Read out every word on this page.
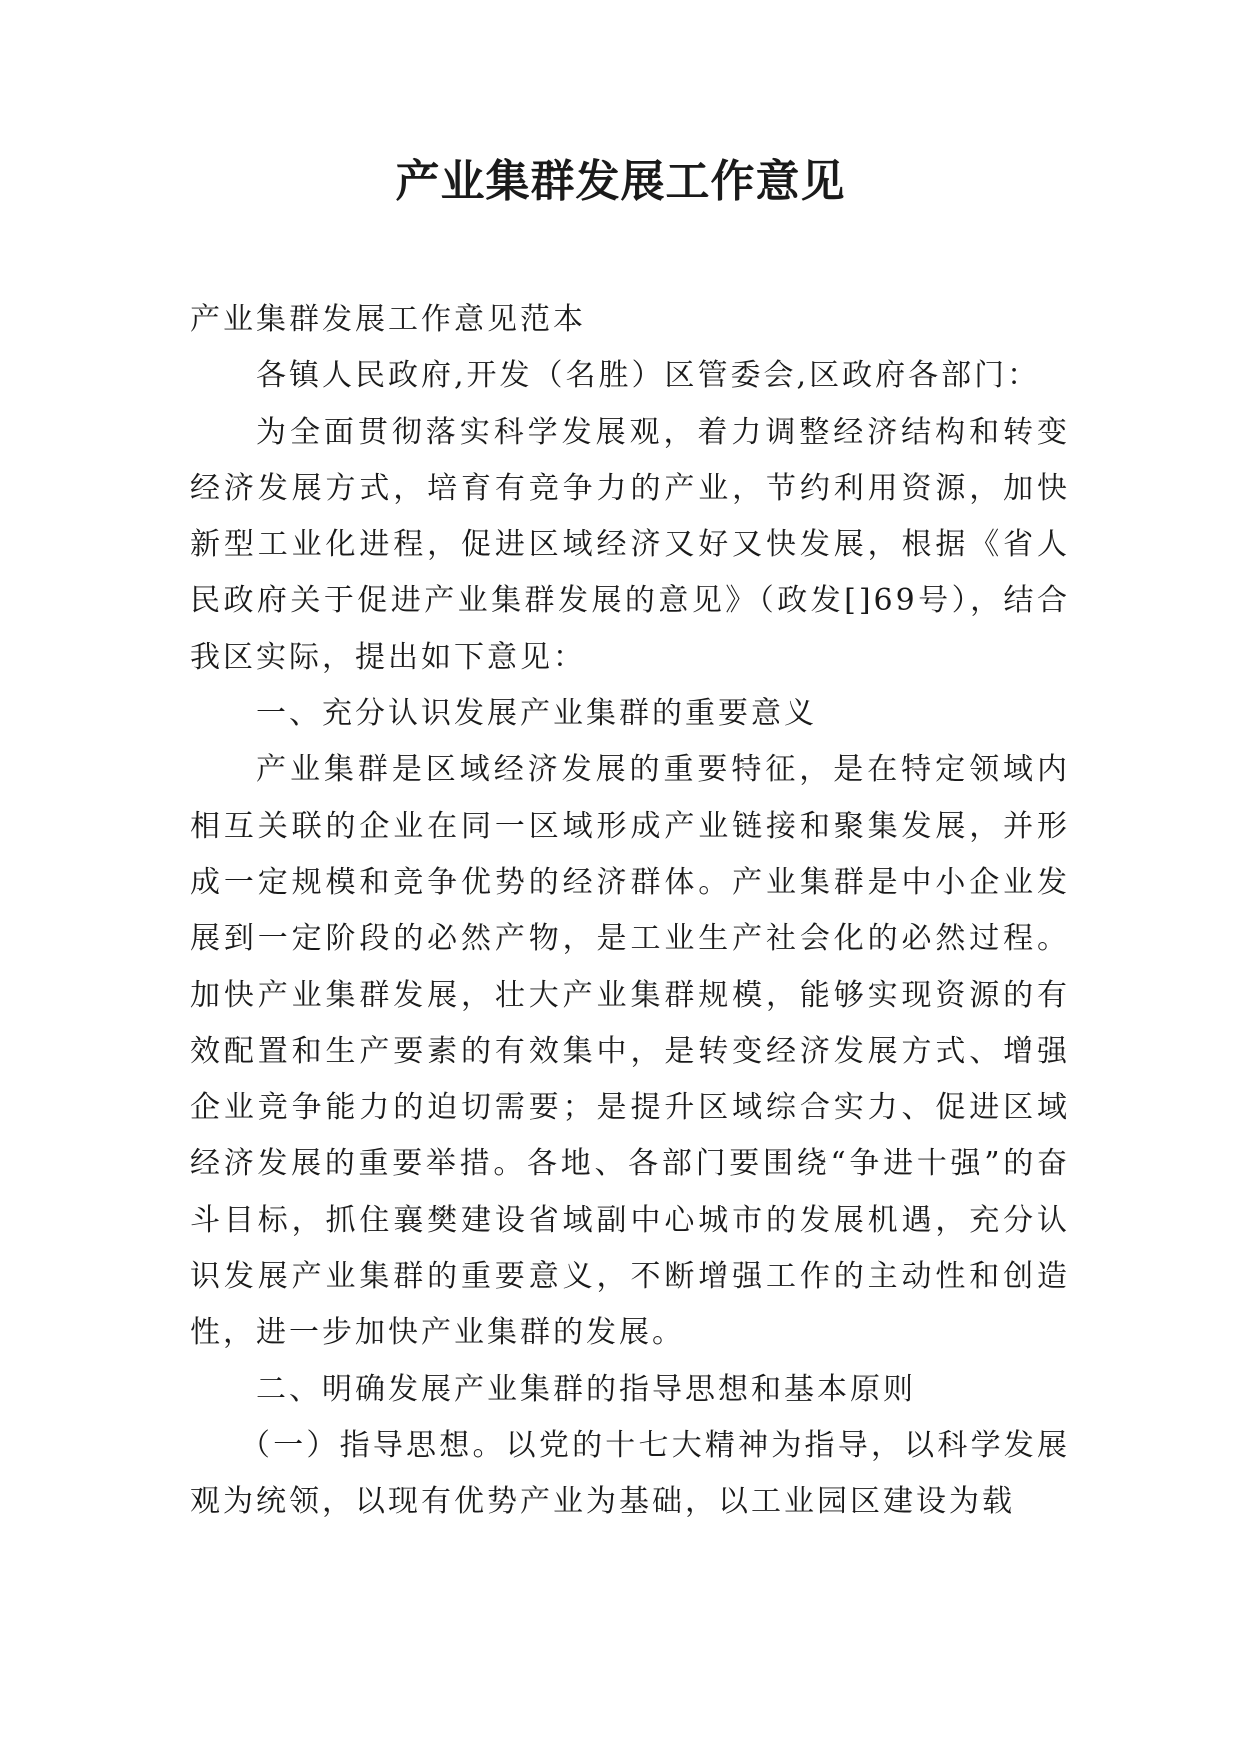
产业集群发展工作意见

产业集群发展工作意见范本

各镇人民政府,开发（名胜）区管委会,区政府各部门：

为全面贯彻落实科学发展观，着力调整经济结构和转变经济发展方式，培育有竞争力的产业，节约利用资源，加快新型工业化进程，促进区域经济又好又快发展，根据《省人民政府关于促进产业集群发展的意见》（政发[]69号），结合我区实际，提出如下意见：

一、充分认识发展产业集群的重要意义

产业集群是区域经济发展的重要特征，是在特定领域内相互关联的企业在同一区域形成产业链接和聚集发展，并形成一定规模和竞争优势的经济群体。产业集群是中小企业发展到一定阶段的必然产物，是工业生产社会化的必然过程。加快产业集群发展，壮大产业集群规模，能够实现资源的有效配置和生产要素的有效集中，是转变经济发展方式、增强企业竞争能力的迫切需要；是提升区域综合实力、促进区域经济发展的重要举措。各地、各部门要围绕“争进十强”的奋斗目标，抓住襄樊建设省域副中心城市的发展机遇，充分认识发展产业集群的重要意义，不断增强工作的主动性和创造性，进一步加快产业集群的发展。

二、明确发展产业集群的指导思想和基本原则

（一）指导思想。以党的十七大精神为指导，以科学发展观为统领，以现有优势产业为基础，以工业园区建设为载
